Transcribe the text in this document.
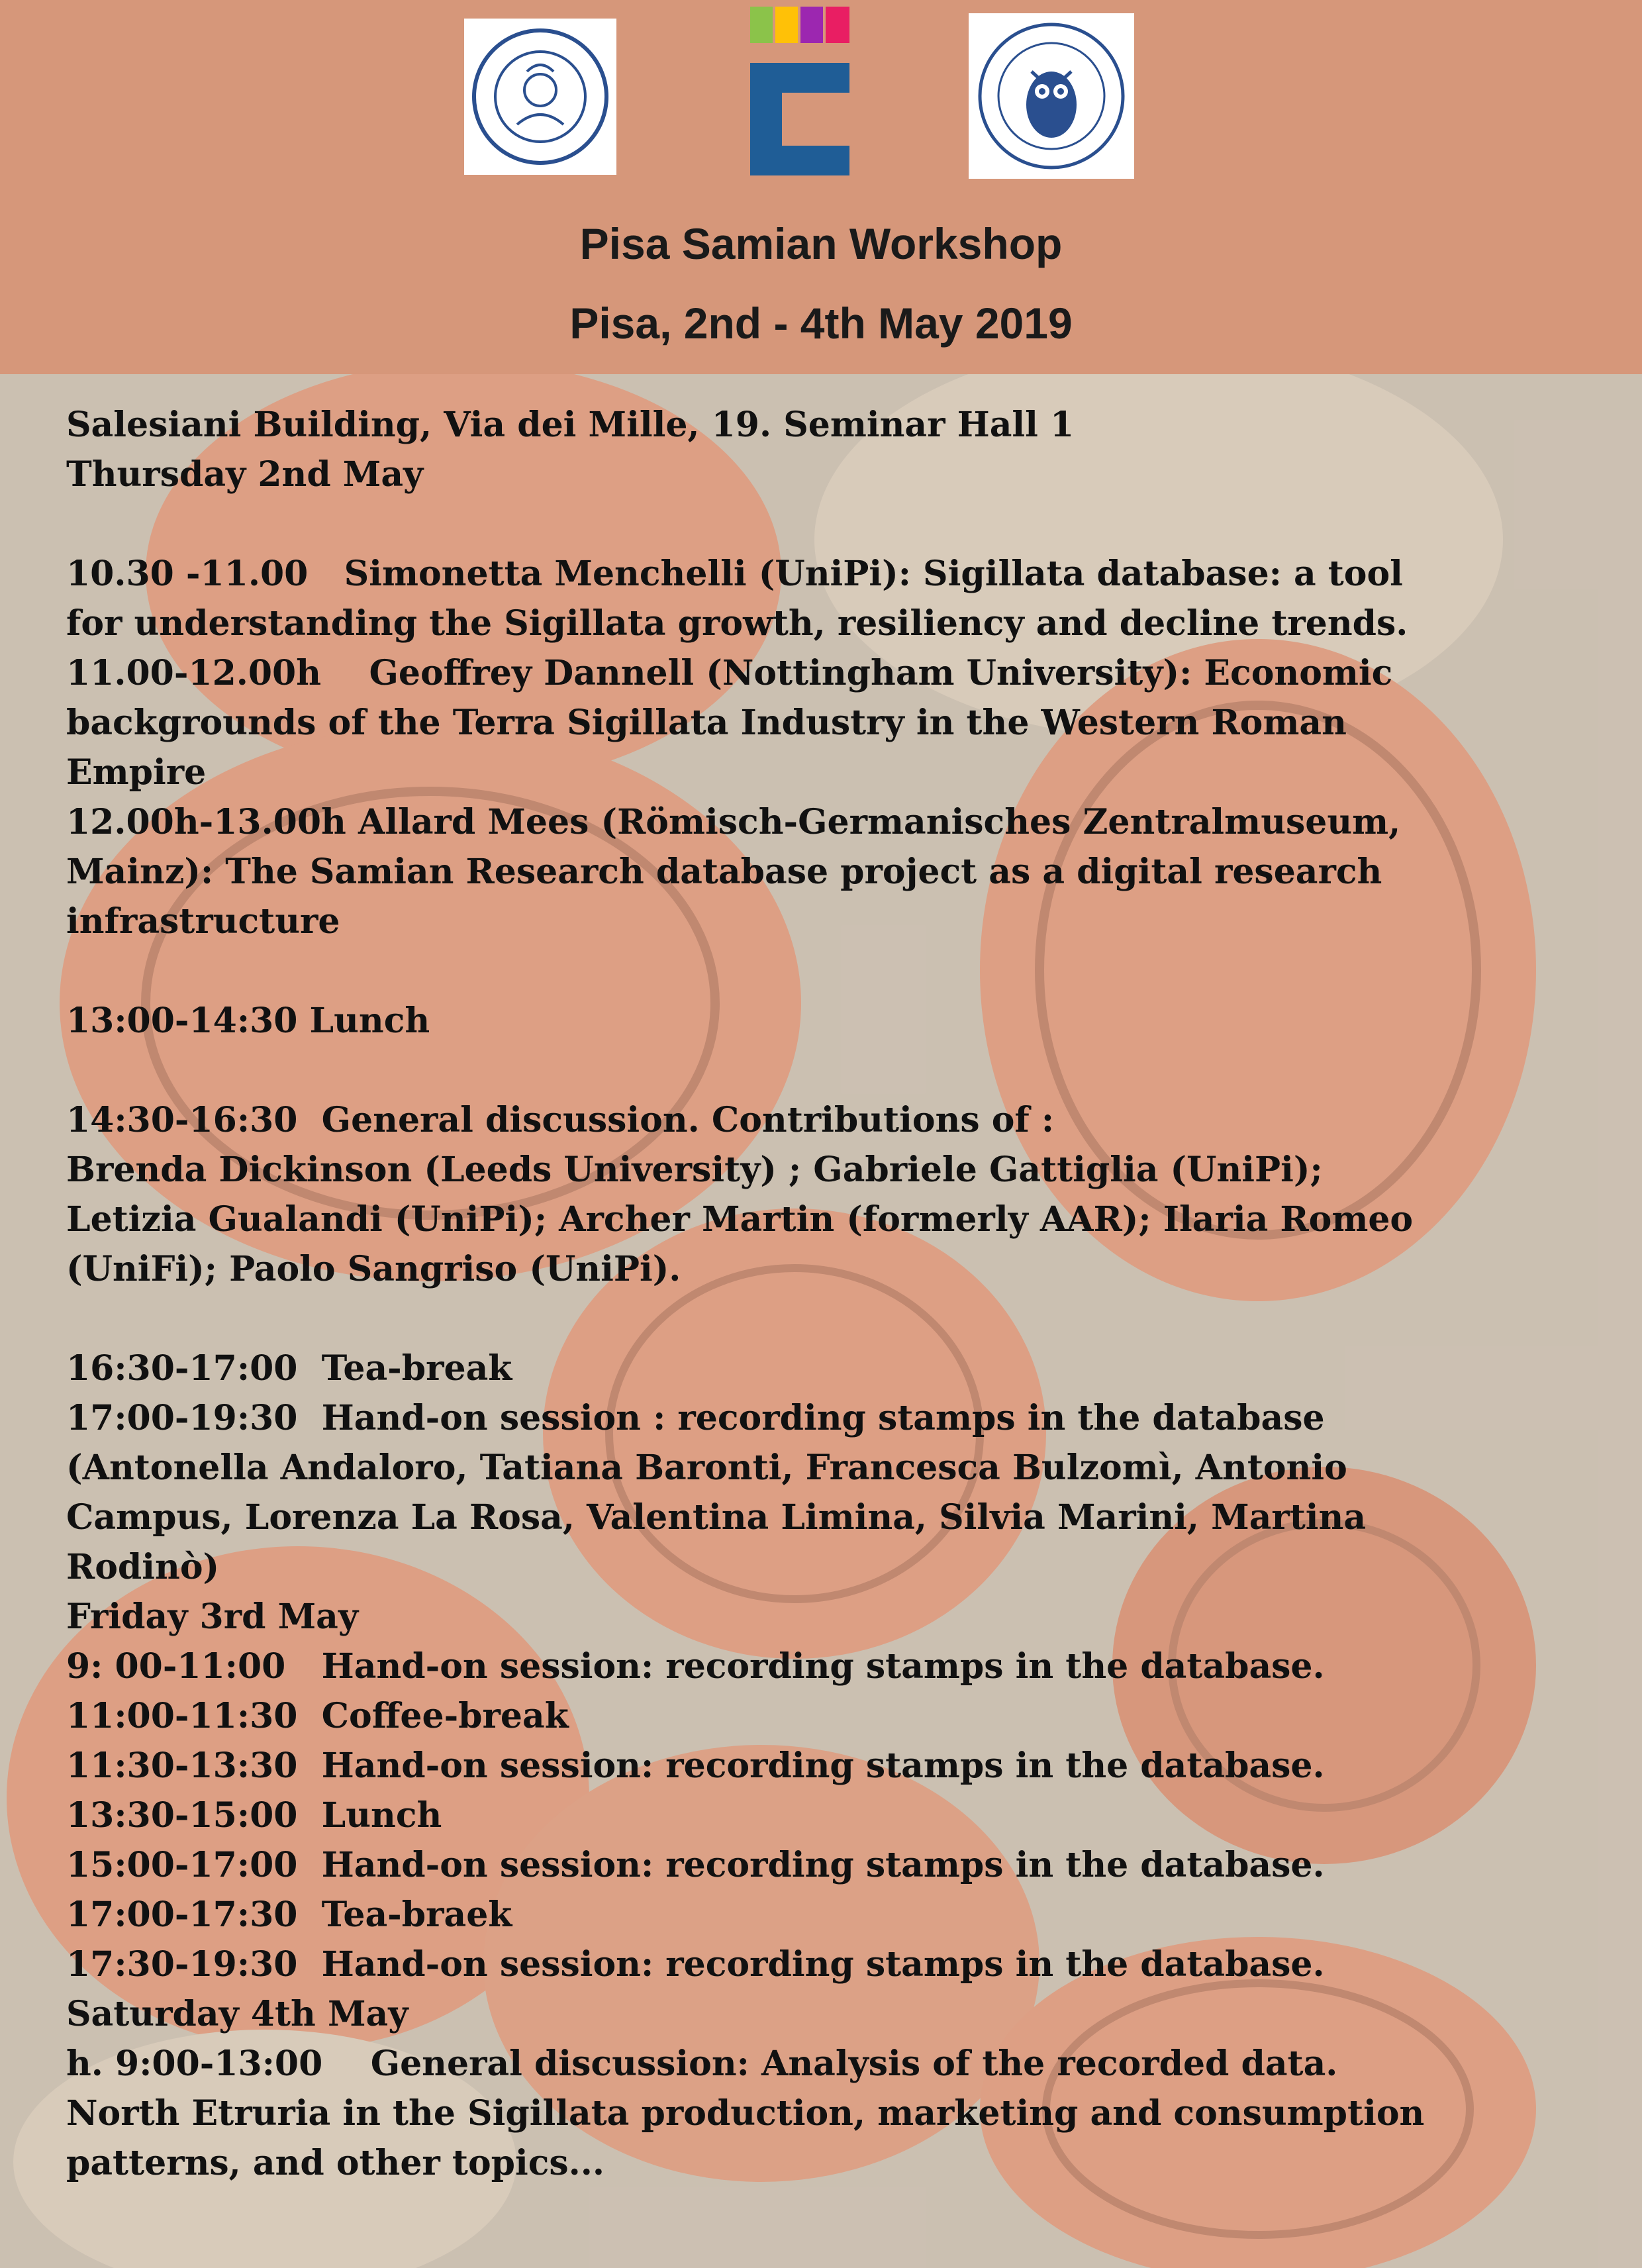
Pisa Samian Workshop
Pisa, 2nd - 4th May 2019
Salesiani Building, Via dei Mille, 19. Seminar Hall 1
Thursday 2nd May
10.30 -11.00 Simonetta Menchelli (UniPi): Sigillata database: a tool
for understanding the Sigillata growth, resiliency and decline trends.
11.00-12.00h Geoffrey Dannell (Nottingham University): Economic
backgrounds of the Terra Sigillata Industry in the Western Roman
Empire
12.00h-13.00h Allard Mees (Römisch-Germanisches Zentralmuseum,
Mainz): The Samian Research database project as a digital research
infrastructure
13:00-14:30 Lunch
14:30-16:30 General discussion. Contributions of :
Brenda Dickinson (Leeds University) ; Gabriele Gattiglia (UniPi);
Letizia Gualandi (UniPi); Archer Martin (formerly AAR); Ilaria Romeo
(UniFi); Paolo Sangriso (UniPi).
16:30-17:00 Tea-break
17:00-19:30 Hand-on session : recording stamps in the database
(Antonella Andaloro, Tatiana Baronti, Francesca Bulzomì, Antonio
Campus, Lorenza La Rosa, Valentina Limina, Silvia Marini, Martina
Rodinò)
Friday 3rd May
9: 00-11:00 Hand-on session: recording stamps in the database.
11:00-11:30 Coffee-break
11:30-13:30 Hand-on session: recording stamps in the database.
13:30-15:00 Lunch
15:00-17:00 Hand-on session: recording stamps in the database.
17:00-17:30 Tea-braek
17:30-19:30 Hand-on session: recording stamps in the database.
Saturday 4th May
h. 9:00-13:00 General discussion: Analysis of the recorded data.
North Etruria in the Sigillata production, marketing and consumption
patterns, and other topics...
